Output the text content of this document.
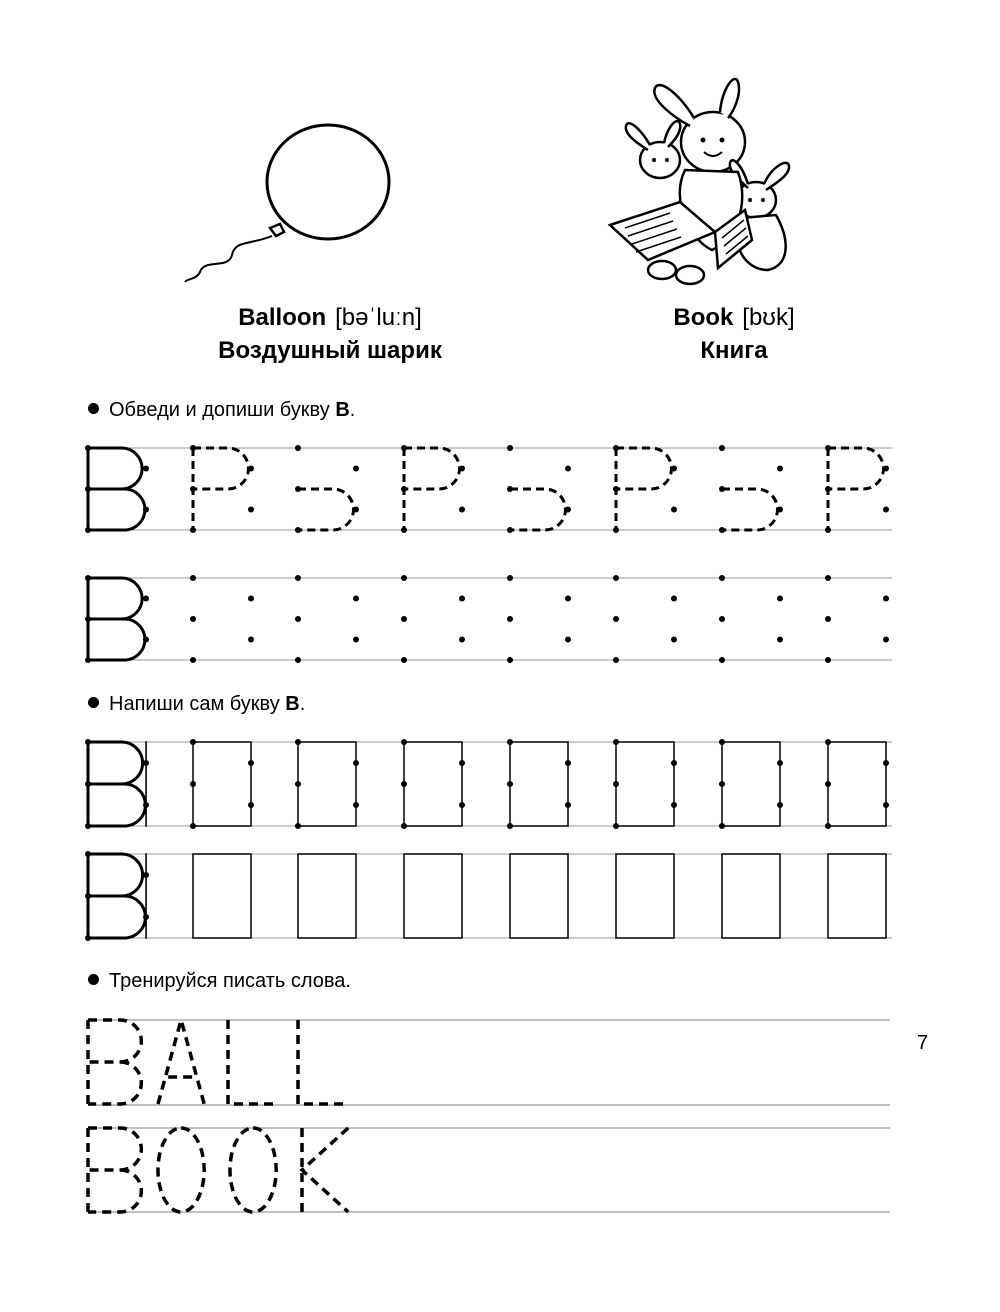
Balloon [bəˈluːn]
Воздушный шарик
Book [bʊk]
Книга
Обведи и допиши букву B.
Напиши сам букву B.
Тренируйся писать слова.
7
